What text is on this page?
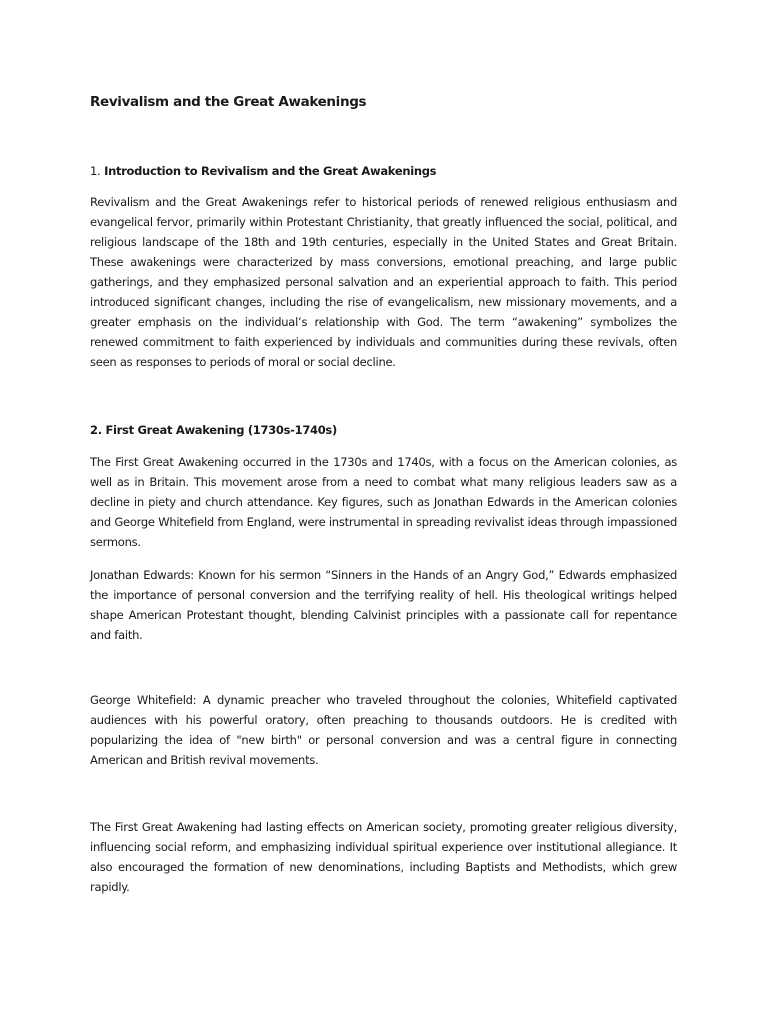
Revivalism and the Great Awakenings
1. Introduction to Revivalism and the Great Awakenings

Revivalism and the Great Awakenings refer to historical periods of renewed religious enthusiasm and evangelical fervor, primarily within Protestant Christianity, that greatly influenced the social, political, and religious landscape of the 18th and 19th centuries, especially in the United States and Great Britain. These awakenings were characterized by mass conversions, emotional preaching, and large public gatherings, and they emphasized personal salvation and an experiential approach to faith. This period introduced significant changes, including the rise of evangelicalism, new missionary movements, and a greater emphasis on the individual’s relationship with God. The term “awakening” symbolizes the renewed commitment to faith experienced by individuals and communities during these revivals, often seen as responses to periods of moral or social decline.

2. First Great Awakening (1730s-1740s)

The First Great Awakening occurred in the 1730s and 1740s, with a focus on the American colonies, as well as in Britain. This movement arose from a need to combat what many religious leaders saw as a decline in piety and church attendance. Key figures, such as Jonathan Edwards in the American colonies and George Whitefield from England, were instrumental in spreading revivalist ideas through impassioned sermons.

Jonathan Edwards: Known for his sermon “Sinners in the Hands of an Angry God,” Edwards emphasized the importance of personal conversion and the terrifying reality of hell. His theological writings helped shape American Protestant thought, blending Calvinist principles with a passionate call for repentance and faith.

George Whitefield: A dynamic preacher who traveled throughout the colonies, Whitefield captivated audiences with his powerful oratory, often preaching to thousands outdoors. He is credited with popularizing the idea of "new birth" or personal conversion and was a central figure in connecting American and British revival movements.

The First Great Awakening had lasting effects on American society, promoting greater religious diversity, influencing social reform, and emphasizing individual spiritual experience over institutional allegiance. It also encouraged the formation of new denominations, including Baptists and Methodists, which grew rapidly.
